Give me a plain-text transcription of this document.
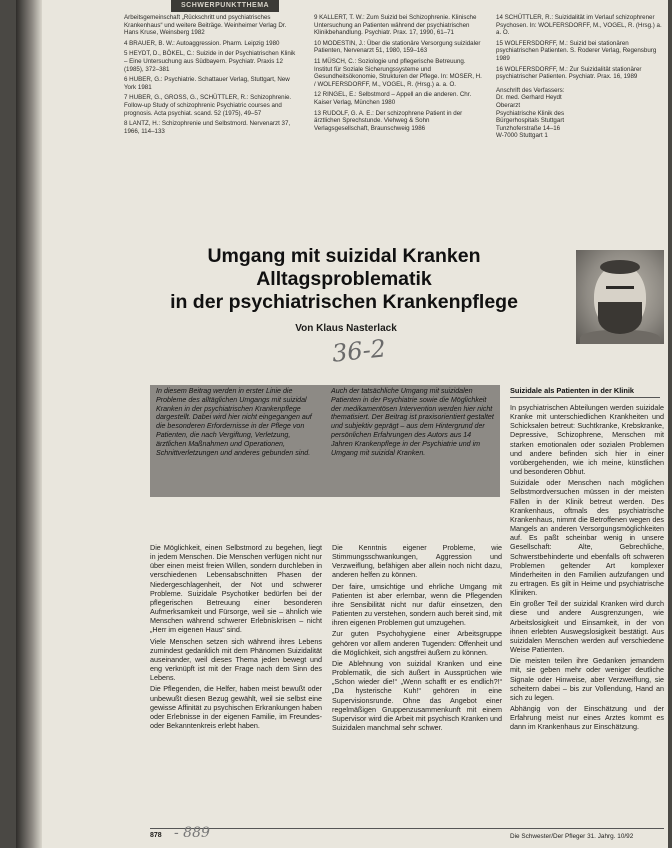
SCHWERPUNKTTHEMA
Arbeitsgemeinschaft „Rückschritt und psychiatrisches Krankenhaus“ und weitere Beiträge. Weinheimer Verlag Dr. Hans Kruse, Weinsberg 1982
4 BRAUER, B. W.: Autoaggression. Pharm. Leipzig 1980
5 HEYDT, D., BÖKEL, C.: Suizide in der Psychiatrischen Klinik – Eine Untersuchung aus Südbayern. Psychiatr. Praxis 12 (1985), 372–381
6 HUBER, G.: Psychiatrie. Schattauer Verlag, Stuttgart, New York 1981
7 HUBER, G., GROSS, G., SCHÜTTLER, R.: Schizophrenie. Follow-up Study of schizophrenic Psychiatric courses and prognosis. Acta psychiat. scand. 52 (1975), 49–57
8 LANTZ, H.: Schizophrenie und Selbstmord. Nervenarzt 37, 1966, 114–133
9 KALLERT, T. W.: Zum Suizid bei Schizophrenie. Klinische Untersuchung an Patienten während der psychiatrischen Klinikbehandlung. Psychiatr. Prax. 17, 1990, 61–71
10 MODESTIN, J.: Über die stationäre Versorgung suizidaler Patienten, Nervenarzt 51, 1980, 159–163
11 MÜSCH, C.: Soziologie und pflegerische Betreuung. Institut für Soziale Sicherungssysteme und Gesundheitsökonomie, Strukturen der Pflege. In: MOSER, H. / WOLFERSDORFF, M., VOGEL, R. (Hrsg.) a. a. O.
12 RINGEL, E.: Selbstmord – Appell an die anderen. Chr. Kaiser Verlag, München 1980
13 RUDOLF, G. A. E.: Der schizophrene Patient in der ärztlichen Sprechstunde. Viehweg & Sohn Verlagsgesellschaft, Braunschweig 1986
14 SCHÜTTLER, R.: Suizidalität im Verlauf schizophrener Psychosen. In: WOLFERSDORFF, M., VOGEL, R. (Hrsg.) a. a. O.
15 WOLFERSDORFF, M.: Suizid bei stationären psychiatrischen Patienten. S. Roderer Verlag, Regensburg 1989
16 WOLFERSDORFF, M.: Zur Suizidalität stationärer psychiatrischer Patienten. Psychiatr. Prax. 16, 1989
Anschrift des Verfassers:
Dr. med. Gerhard Heydt
Oberarzt
Psychiatrische Klinik des
Bürgerhospitals Stuttgart
Tunzhoferstraße 14–16
W-7000 Stuttgart 1
Umgang mit suizidal Kranken
Alltagsproblematik
in der psychiatrischen Krankenpflege
Von Klaus Nasterlack
36-2
In diesem Beitrag werden in erster Linie die Probleme des alltäglichen Umgangs mit suizidal Kranken in der psychiatrischen Krankenpflege dargestellt. Dabei wird hier nicht eingegangen auf die besonderen Erfordernisse in der Pflege von Patienten, die nach Vergiftung, Verletzung, ärztlichen Maßnahmen und Operationen, Schnittverletzungen und anderes gebunden sind.
Auch der tatsächliche Umgang mit suizidalen Patienten in der Psychiatrie sowie die Möglichkeit der medikamentösen Intervention werden hier nicht thematisiert. Der Beitrag ist praxisorientiert gestaltet und subjektiv geprägt – aus dem Hintergrund der persönlichen Erfahrungen des Autors aus 14 Jahren Krankenpflege in der Psychiatrie und im Umgang mit suizidal Kranken.
Suizidale als Patienten in der Klinik

Die Möglichkeit, einen Selbstmord zu begehen, liegt in jedem Menschen. Die Menschen verfügen nicht nur über einen meist freien Willen, sondern durchleben in verschiedenen Lebensabschnitten Phasen der Niedergeschlagenheit, der Not und schwerer Probleme. Suizidale Psychotiker bedürfen bei der pflegerischen Betreuung einer besonderen Aufmerksamkeit und Fürsorge, weil sie – ähnlich wie Menschen während schwerer Erlebniskrisen – nicht „Herr im eigenen Haus“ sind.

Viele Menschen setzen sich während ihres Lebens zumindest gedanklich mit dem Phänomen Suizidalität auseinander, weil dieses Thema jeden bewegt und eng verknüpft ist mit der Frage nach dem Sinn des Lebens.

Die Pflegenden, die Helfer, haben meist bewußt oder unbewußt diesen Bezug gewählt, weil sie selbst eine gewisse Affinität zu psychischen Erkrankungen haben oder Erlebnisse in der eigenen Familie, im Freundes- oder Bekanntenkreis erlebt haben.

Die Kenntnis eigener Probleme, wie Stimmungsschwankungen, Aggression und Verzweiflung, befähigen aber allein noch nicht dazu, anderen helfen zu können.

Der faire, umsichtige und ehrliche Umgang mit Patienten ist aber erlernbar, wenn die Pflegenden ihre Sensibilität nicht nur dafür einsetzen, den Patienten zu verstehen, sondern auch bereit sind, mit ihren eigenen Problemen gut umzugehen.

Zur guten Psychohygiene einer Arbeitsgruppe gehören vor allem anderen Tugenden: Offenheit und die Möglichkeit, sich angstfrei äußern zu können.

Die Ablehnung von suizidal Kranken und eine Problematik, die sich äußert in Aussprüchen wie „Schon wieder die!“ „Wenn schafft er es endlich?!“ „Da hysterische Kuh!“ gehören in eine Supervisionsrunde. Ohne das Angebot einer regelmäßigen Gruppenzusammenkunft mit einem Supervisor wird die Arbeit mit psychisch Kranken und Suizidalen manchmal sehr schwer.

In psychiatrischen Abteilungen werden suizidale Kranke mit unterschiedlichen Krankheiten und Schicksalen betreut: Suchtkranke, Krebskranke, Depressive, Schizophrene, Menschen mit starken emotionalen oder sozialen Problemen und andere befinden sich hier in einer vorübergehenden, wie ich meine, künstlichen und besonderen Obhut.

Suizidale oder Menschen nach möglichen Selbstmordversuchen müssen in der meisten Fällen in der Klinik betreut werden. Des Krankenhaus, oftmals des psychiatrische Krankenhaus, nimmt die Betroffenen wegen des Mangels an anderen Versorgungsmöglichkeiten auf. Es paßt scheinbar wenig in unsere Gesellschaft: Alte, Gebrechliche, Schwerstbehinderte und ebenfalls oft schweren Problemen geltender Art komplexer Minderheiten in den Familien aufzufangen und zu ertragen. Es gilt in Heime und psychiatrische Kliniken.

Ein großer Teil der suizidal Kranken wird durch diese und andere Ausgrenzungen, wie Arbeitslosigkeit und Einsamkeit, in der von ihnen erlebten Auswegslosigkeit bestätigt. Aus suizidalen Menschen werden auf verschiedene Weise Patienten.

Die meisten teilen ihre Gedanken jemandem mit, sie geben mehr oder weniger deutliche Signale oder Hinweise, aber Verzweiflung, sie scheitern dabei – bis zur Vollendung, Hand an sich zu legen.

Abhängig von der Einschätzung und der Erfahrung meist nur eines Arztes kommt es dann im Krankenhaus zur Einschätzung.

878 - 889	Die Schwester/Der Pfleger 31. Jahrg. 10/92
